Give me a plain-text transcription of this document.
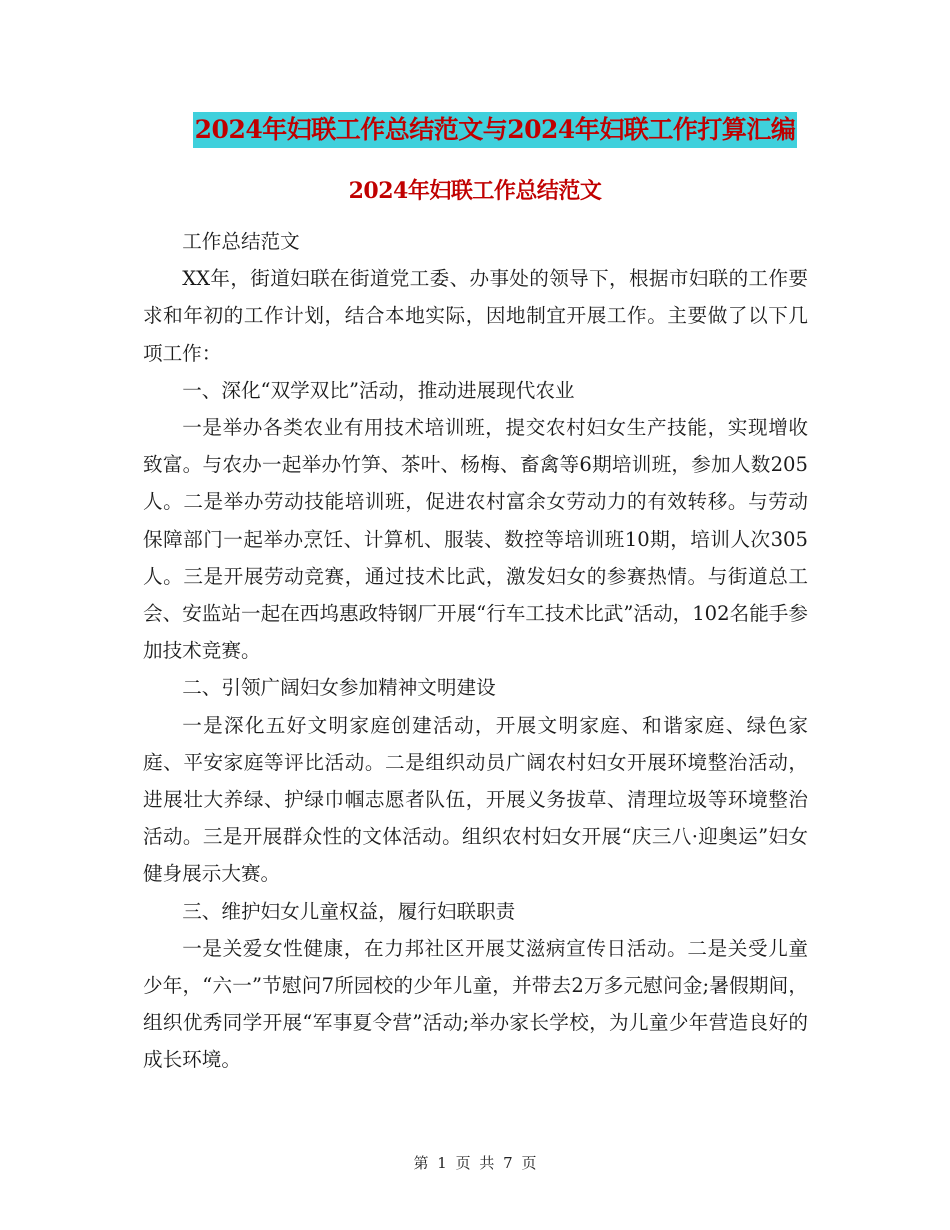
2024年妇联工作总结范文与2024年妇联工作打算汇编
2024年妇联工作总结范文

工作总结范文

XX年，街道妇联在街道党工委、办事处的领导下，根据市妇联的工作要求和年初的工作计划，结合本地实际，因地制宜开展工作。主要做了以下几项工作：

一、深化“双学双比”活动，推动进展现代农业

一是举办各类农业有用技术培训班，提交农村妇女生产技能，实现增收致富。与农办一起举办竹笋、茶叶、杨梅、畜禽等6期培训班，参加人数205人。二是举办劳动技能培训班，促进农村富余女劳动力的有效转移。与劳动保障部门一起举办烹饪、计算机、服装、数控等培训班10期，培训人次305人。三是开展劳动竞赛，通过技术比武，激发妇女的参赛热情。与街道总工会、安监站一起在西坞惠政特钢厂开展“行车工技术比武”活动，102名能手参加技术竞赛。

二、引领广阔妇女参加精神文明建设

一是深化五好文明家庭创建活动，开展文明家庭、和谐家庭、绿色家庭、平安家庭等评比活动。二是组织动员广阔农村妇女开展环境整治活动，进展壮大养绿、护绿巾帼志愿者队伍，开展义务拔草、清理垃圾等环境整治活动。三是开展群众性的文体活动。组织农村妇女开展“庆三八·迎奥运”妇女健身展示大赛。

三、维护妇女儿童权益，履行妇联职责

一是关爱女性健康，在力邦社区开展艾滋病宣传日活动。二是关受儿童少年，“六一”节慰问7所园校的少年儿童，并带去2万多元慰问金;暑假期间，组织优秀同学开展“军事夏令营”活动;举办家长学校，为儿童少年营造良好的成长环境。

第 1 页 共 7 页
